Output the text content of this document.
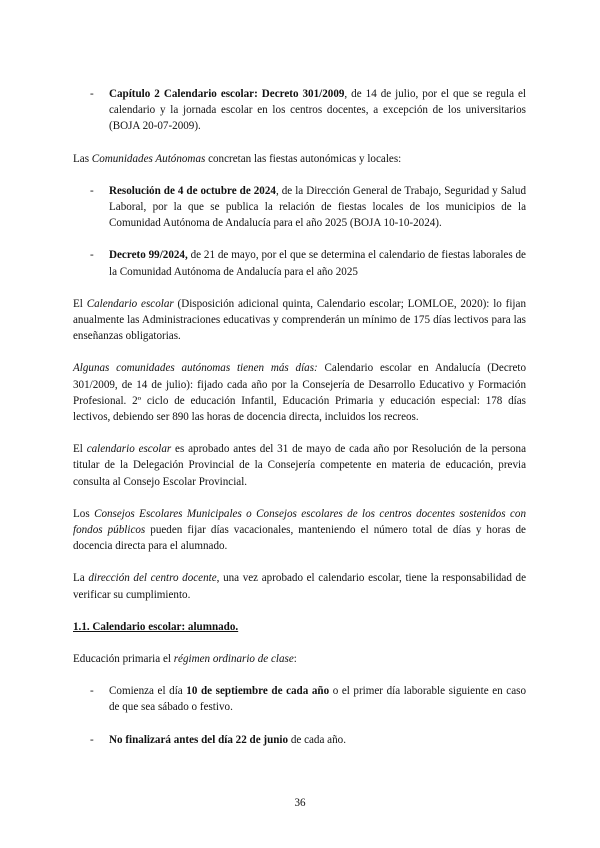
- Capítulo 2 Calendario escolar: Decreto 301/2009, de 14 de julio, por el que se regula el calendario y la jornada escolar en los centros docentes, a excepción de los universitarios (BOJA 20-07-2009).

Las Comunidades Autónomas concretan las fiestas autonómicas y locales:

- Resolución de 4 de octubre de 2024, de la Dirección General de Trabajo, Seguridad y Salud Laboral, por la que se publica la relación de fiestas locales de los municipios de la Comunidad Autónoma de Andalucía para el año 2025 (BOJA 10-10-2024).
- Decreto 99/2024, de 21 de mayo, por el que se determina el calendario de fiestas laborales de la Comunidad Autónoma de Andalucía para el año 2025

El Calendario escolar (Disposición adicional quinta, Calendario escolar; LOMLOE, 2020): lo fijan anualmente las Administraciones educativas y comprenderán un mínimo de 175 días lectivos para las enseñanzas obligatorias.

Algunas comunidades autónomas tienen más días: Calendario escolar en Andalucía (Decreto 301/2009, de 14 de julio): fijado cada año por la Consejería de Desarrollo Educativo y Formación Profesional. 2º ciclo de educación Infantil, Educación Primaria y educación especial: 178 días lectivos, debiendo ser 890 las horas de docencia directa, incluidos los recreos.

El calendario escolar es aprobado antes del 31 de mayo de cada año por Resolución de la persona titular de la Delegación Provincial de la Consejería competente en materia de educación, previa consulta al Consejo Escolar Provincial.

Los Consejos Escolares Municipales o Consejos escolares de los centros docentes sostenidos con fondos públicos pueden fijar días vacacionales, manteniendo el número total de días y horas de docencia directa para el alumnado.

La dirección del centro docente, una vez aprobado el calendario escolar, tiene la responsabilidad de verificar su cumplimiento.

1.1. Calendario escolar: alumnado.

Educación primaria el régimen ordinario de clase:

- Comienza el día 10 de septiembre de cada año o el primer día laborable siguiente en caso de que sea sábado o festivo.
- No finalizará antes del día 22 de junio de cada año.
36
